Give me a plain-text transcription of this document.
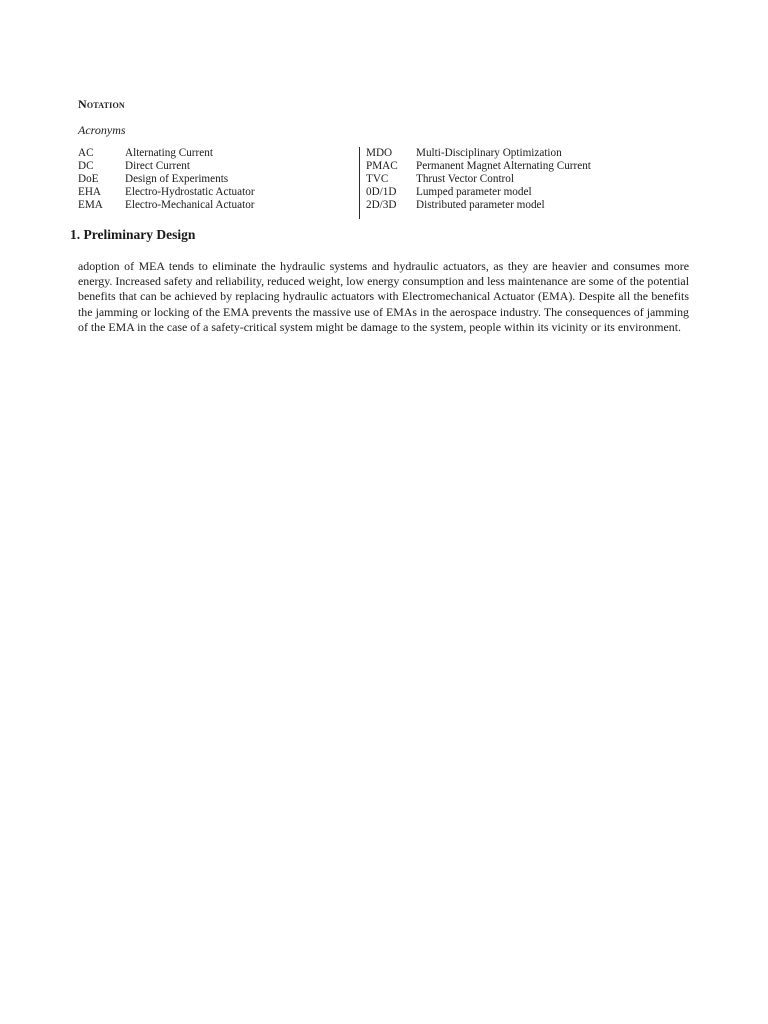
Notation
Acronyms
AC	Alternating Current
DC	Direct Current
DoE	Design of Experiments
EHA	Electro-Hydrostatic Actuator
EMA	Electro-Mechanical Actuator
MDO	Multi-Disciplinary Optimization
PMAC	Permanent Magnet Alternating Current
TVC	Thrust Vector Control
0D/1D	Lumped parameter model
2D/3D	Distributed parameter model
1. Preliminary Design

adoption of MEA tends to eliminate the hydraulic systems and hydraulic actuators, as they are heavier and consumes more energy. Increased safety and reliability, reduced weight, low energy consumption and less maintenance are some of the potential benefits that can be achieved by replacing hydraulic actuators with Electromechanical Actuator (EMA). Despite all the benefits the jamming or locking of the EMA prevents the massive use of EMAs in the aerospace industry. The consequences of jamming of the EMA in the case of a safety-critical system might be damage to the system, people within its vicinity or its environment.
